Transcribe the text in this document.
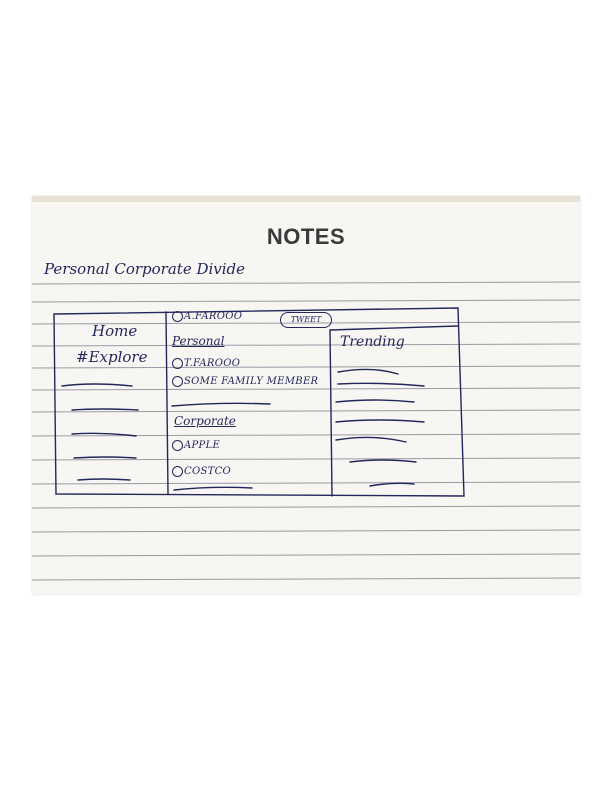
NOTES
Personal Corporate Divide
Home
#Explore
A.FAROOO	TWEET
Personal
T.FAROOO
SOME FAMILY MEMBER
Corporate
APPLE
COSTCO
Trending
